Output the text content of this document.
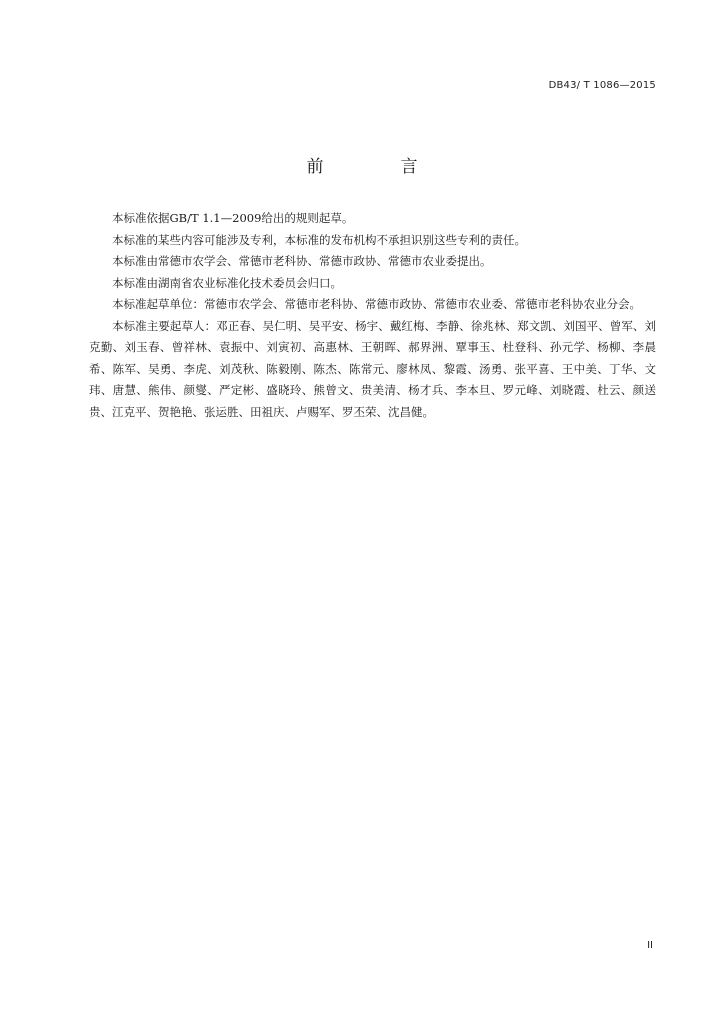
DB43/ T 1086—2015
前　言

本标准依据GB/T 1.1—2009给出的规则起草。

本标准的某些内容可能涉及专利，本标准的发布机构不承担识别这些专利的责任。

本标准由常德市农学会、常德市老科协、常德市政协、常德市农业委提出。

本标准由湖南省农业标准化技术委员会归口。

本标准起草单位：常德市农学会、常德市老科协、常德市政协、常德市农业委、常德市老科协农业分会。

本标准主要起草人：邓正春、吴仁明、吴平安、杨宇、戴红梅、李静、徐兆林、郑文凯、刘国平、曾军、刘克勤、刘玉春、曾祥林、袁振中、刘寅初、高惠林、王朝晖、郝界洲、覃事玉、杜登科、孙元学、杨柳、李晨希、陈军、吴勇、李虎、刘茂秋、陈毅刚、陈杰、陈常元、廖林凤、黎霞、汤勇、张平喜、王中美、丁华、文玮、唐慧、熊伟、颜燮、严定彬、盛晓玲、熊曾文、贵美清、杨才兵、李本旦、罗元峰、刘晓霞、杜云、颜送贵、江克平、贺艳艳、张运胜、田祖庆、卢赐军、罗丕荣、沈昌健。

II
